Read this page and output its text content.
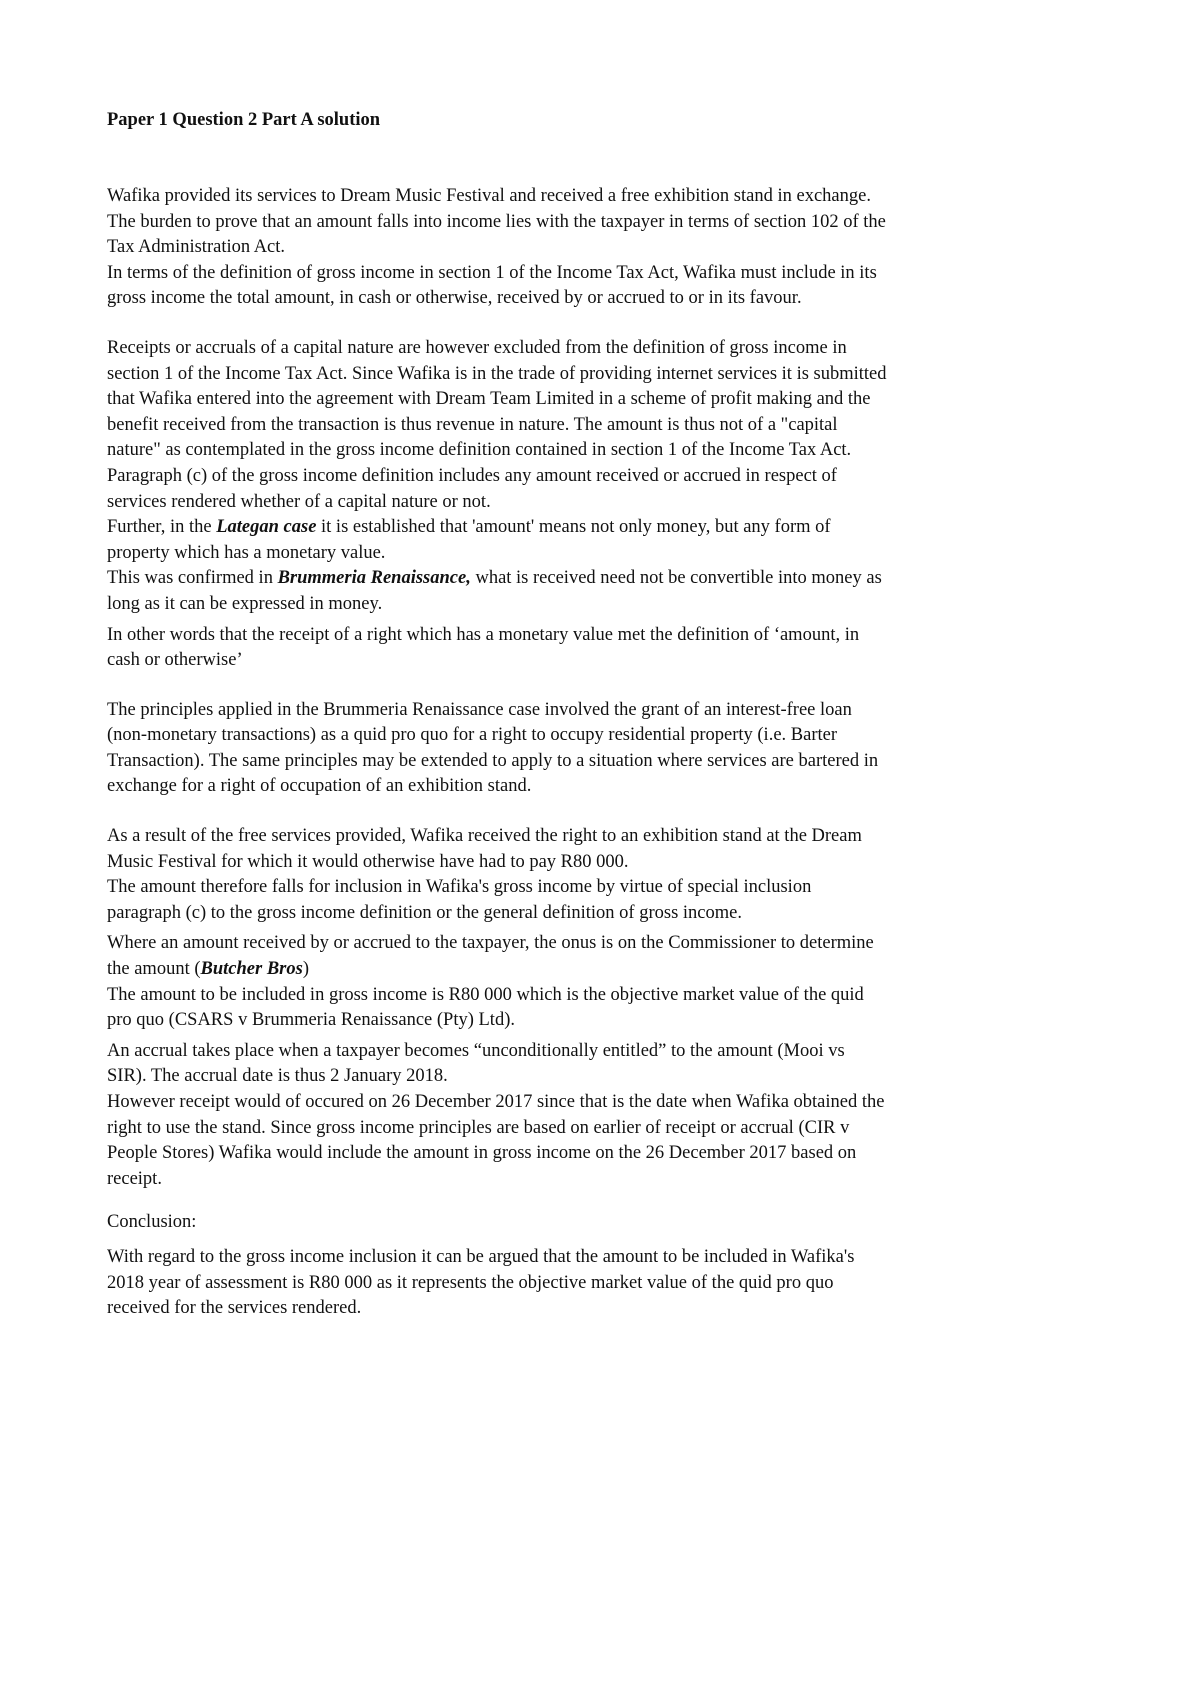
Paper 1 Question 2 Part A solution

Wafika provided its services to Dream Music Festival and received a free exhibition stand in exchange.

The burden to prove that an amount falls into income lies with the taxpayer in terms of section 102 of the Tax Administration Act.

In terms of the definition of gross income in section 1 of the Income Tax Act, Wafika must include in its gross income the total amount, in cash or otherwise, received by or accrued to or in its favour.

Receipts or accruals of a capital nature are however excluded from the definition of gross income in section 1 of the Income Tax Act. Since Wafika is in the trade of providing internet services it is submitted that Wafika entered into the agreement with Dream Team Limited in a scheme of profit making and the benefit received from the transaction is thus revenue in nature. The amount is thus not of a "capital nature" as contemplated in the gross income definition contained in section 1 of the Income Tax Act.

Paragraph (c) of the gross income definition includes any amount received or accrued in respect of services rendered whether of a capital nature or not.

Further, in the Lategan case it is established that 'amount' means not only money, but any form of property which has a monetary value.

This was confirmed in Brummeria Renaissance, what is received need not be convertible into money as long as it can be expressed in money.

In other words that the receipt of a right which has a monetary value met the definition of ‘amount, in cash or otherwise’

The principles applied in the Brummeria Renaissance case involved the grant of an interest-free loan (non-monetary transactions) as a quid pro quo for a right to occupy residential property (i.e. Barter Transaction). The same principles may be extended to apply to a situation where services are bartered in exchange for a right of occupation of an exhibition stand.

As a result of the free services provided, Wafika received the right to an exhibition stand at the Dream Music Festival for which it would otherwise have had to pay R80 000.

The amount therefore falls for inclusion in Wafika's gross income by virtue of special inclusion paragraph (c) to the gross income definition or the general definition of gross income.

Where an amount received by or accrued to the taxpayer, the onus is on the Commissioner to determine the amount (Butcher Bros)

The amount to be included in gross income is R80 000 which is the objective market value of the quid pro quo (CSARS v Brummeria Renaissance (Pty) Ltd).

An accrual takes place when a taxpayer becomes “unconditionally entitled” to the amount (Mooi vs SIR). The accrual date is thus 2 January 2018.

However receipt would of occured on 26 December 2017 since that is the date when Wafika obtained the right to use the stand. Since gross income principles are based on earlier of receipt or accrual (CIR v People Stores) Wafika would include the amount in gross income on the 26 December 2017 based on receipt.

Conclusion:

With regard to the gross income inclusion it can be argued that the amount to be included in Wafika's 2018 year of assessment is R80 000 as it represents the objective market value of the quid pro quo received for the services rendered.
